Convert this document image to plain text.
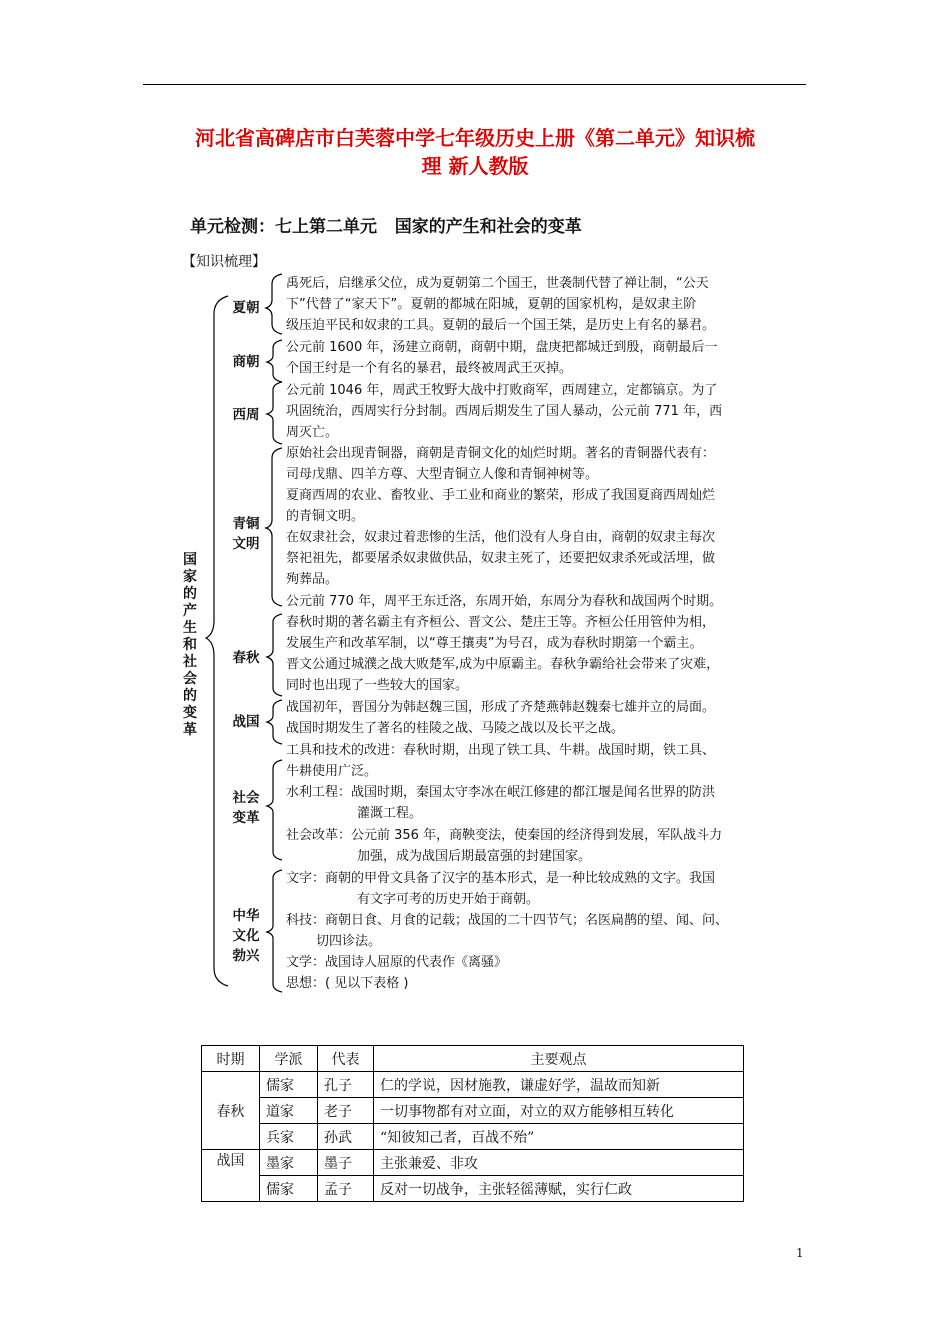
河北省高碑店市白芙蓉中学七年级历史上册《第二单元》知识梳
理 新人教版
单元检测：七上第二单元   国家的产生和社会的变革
【知识梳理】
国
家
的
产
生
和
社
会
的
变
革
夏朝
禹死后，启继承父位，成为夏朝第二个国王，世袭制代替了禅让制，“公天
下”代替了“家天下”。夏朝的都城在阳城，夏朝的国家机构，是奴隶主阶
级压迫平民和奴隶的工具。夏朝的最后一个国王桀，是历史上有名的暴君。
商朝
公元前 1600 年，汤建立商朝，商朝中期，盘庚把都城迁到殷，商朝最后一
个国王纣是一个有名的暴君，最终被周武王灭掉。
西周
公元前 1046 年，周武王牧野大战中打败商军，西周建立，定都镐京。为了
巩固统治，西周实行分封制。西周后期发生了国人暴动，公元前 771 年，西
周灭亡。
青铜
文明
原始社会出现青铜器，商朝是青铜文化的灿烂时期。著名的青铜器代表有：
司母戊鼎、四羊方尊、大型青铜立人像和青铜神树等。
夏商西周的农业、畜牧业、手工业和商业的繁荣，形成了我国夏商西周灿烂
的青铜文明。
在奴隶社会，奴隶过着悲惨的生活，他们没有人身自由，商朝的奴隶主每次
祭祀祖先，都要屠杀奴隶做供品，奴隶主死了，还要把奴隶杀死或活埋，做
殉葬品。
春秋
公元前 770 年，周平王东迁洛，东周开始，东周分为春秋和战国两个时期。
春秋时期的著名霸主有齐桓公、晋文公、楚庄王等。齐桓公任用管仲为相，
发展生产和改革军制，以“尊王攘夷”为号召，成为春秋时期第一个霸主。
晋文公通过城濮之战大败楚军,成为中原霸主。春秋争霸给社会带来了灾难，
同时也出现了一些较大的国家。
战国
战国初年，晋国分为韩赵魏三国，形成了齐楚燕韩赵魏秦七雄并立的局面。
战国时期发生了著名的桂陵之战、马陵之战以及长平之战。
社会
变革
工具和技术的改进：春秋时期，出现了铁工具、牛耕。战国时期，铁工具、
牛耕使用广泛。
水利工程：战国时期，秦国太守李冰在岷江修建的都江堰是闻名世界的防洪
灌溉工程。
社会改革：公元前 356 年，商鞅变法，使秦国的经济得到发展，军队战斗力
加强，成为战国后期最富强的封建国家。
中华
文化
勃兴
文字：商朝的甲骨文具备了汉字的基本形式，是一种比较成熟的文字。我国
有文字可考的历史开始于商朝。
科技：商朝日食、月食的记载；战国的二十四节气；名医扁鹊的望、闻、问、
切四诊法。
文学：战国诗人屈原的代表作《离骚》
思想：( 见以下表格 )
时期	学派	代表	主要观点
春秋	儒家	孔子	仁的学说，因材施教，谦虚好学，温故而知新
	道家	老子	一切事物都有对立面，对立的双方能够相互转化
	兵家	孙武	“知彼知己者，百战不殆”
战国	墨家	墨子	主张兼爱、非攻
	儒家	孟子	反对一切战争，主张轻徭薄赋，实行仁政
1
